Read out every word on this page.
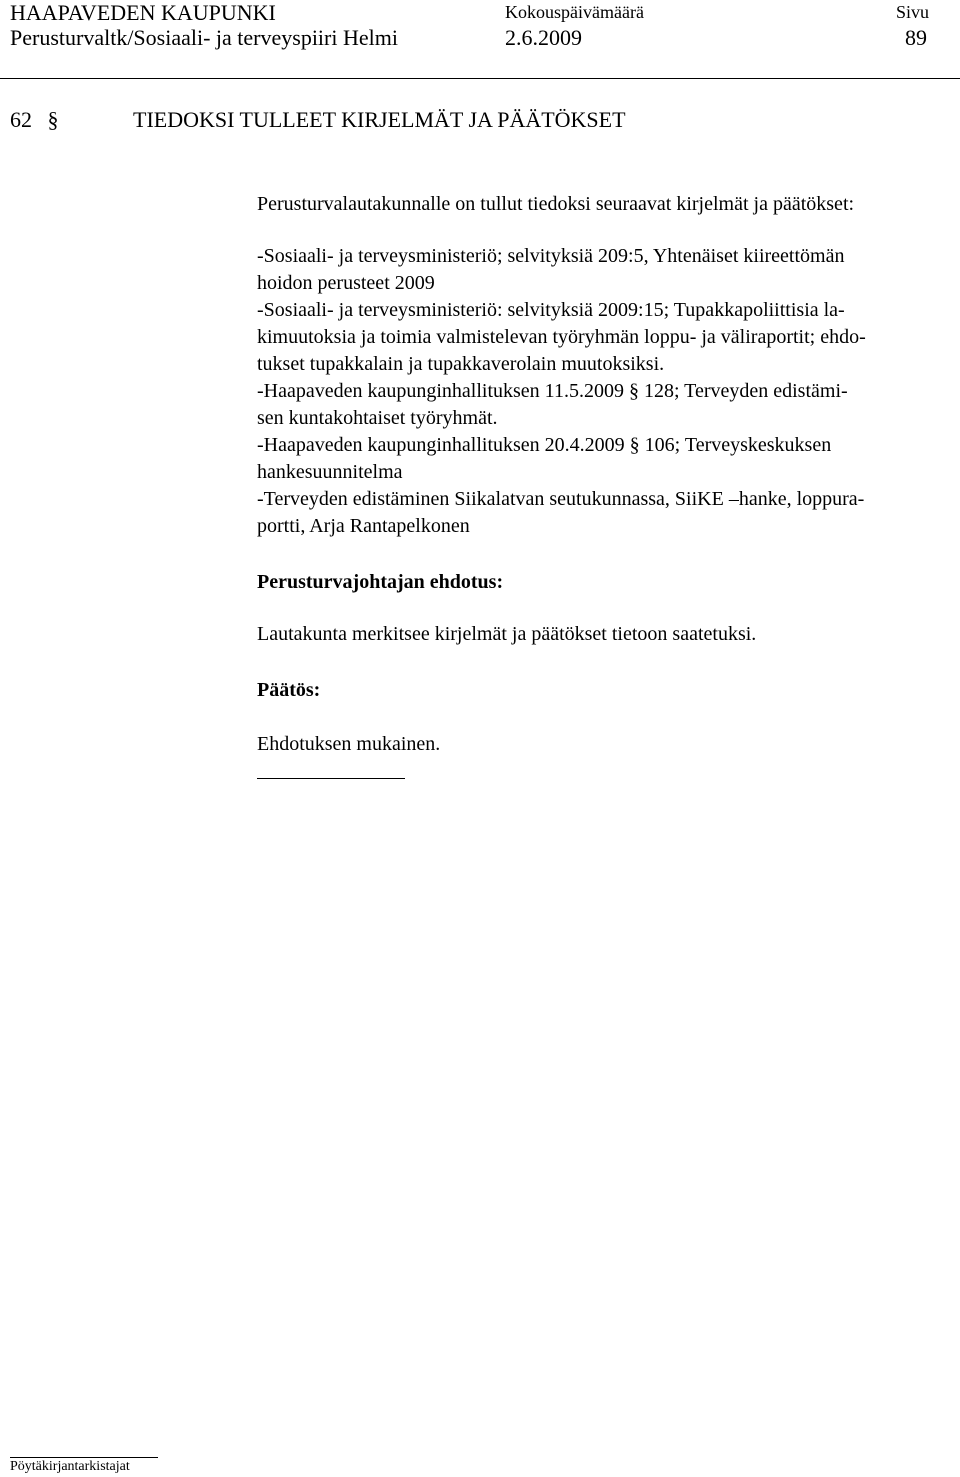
HAAPAVEDEN KAUPUNKI
Perusturvaltk/Sosiaali- ja terveyspiiri Helmi
Kokouspäivämäärä
2.6.2009
Sivu
89
62 §	TIEDOKSI TULLEET KIRJELMÄT JA PÄÄTÖKSET
Perusturvalautakunnalle on tullut tiedoksi seuraavat kirjelmät ja päätökset:
-Sosiaali- ja terveysministeriö; selvityksiä 209:5, Yhtenäiset kiireettömän
hoidon perusteet 2009
-Sosiaali- ja terveysministeriö: selvityksiä 2009:15; Tupakkapoliittisia la-
kimuutoksia ja toimia valmistelevan työryhmän loppu- ja väliraportit; ehdo-
tukset tupakkalain ja tupakkaverolain muutoksiksi.
-Haapaveden kaupunginhallituksen 11.5.2009 § 128; Terveyden edistämi-
sen kuntakohtaiset työryhmät.
-Haapaveden kaupunginhallituksen 20.4.2009 § 106; Terveyskeskuksen
hankesuunnitelma
-Terveyden edistäminen Siikalatvan seutukunnassa, SiiKE –hanke, loppura-
portti, Arja Rantapelkonen
Perusturvajohtajan ehdotus:
Lautakunta merkitsee kirjelmät ja päätökset tietoon saatetuksi.
Päätös:
Ehdotuksen mukainen.
Pöytäkirjantarkistajat
